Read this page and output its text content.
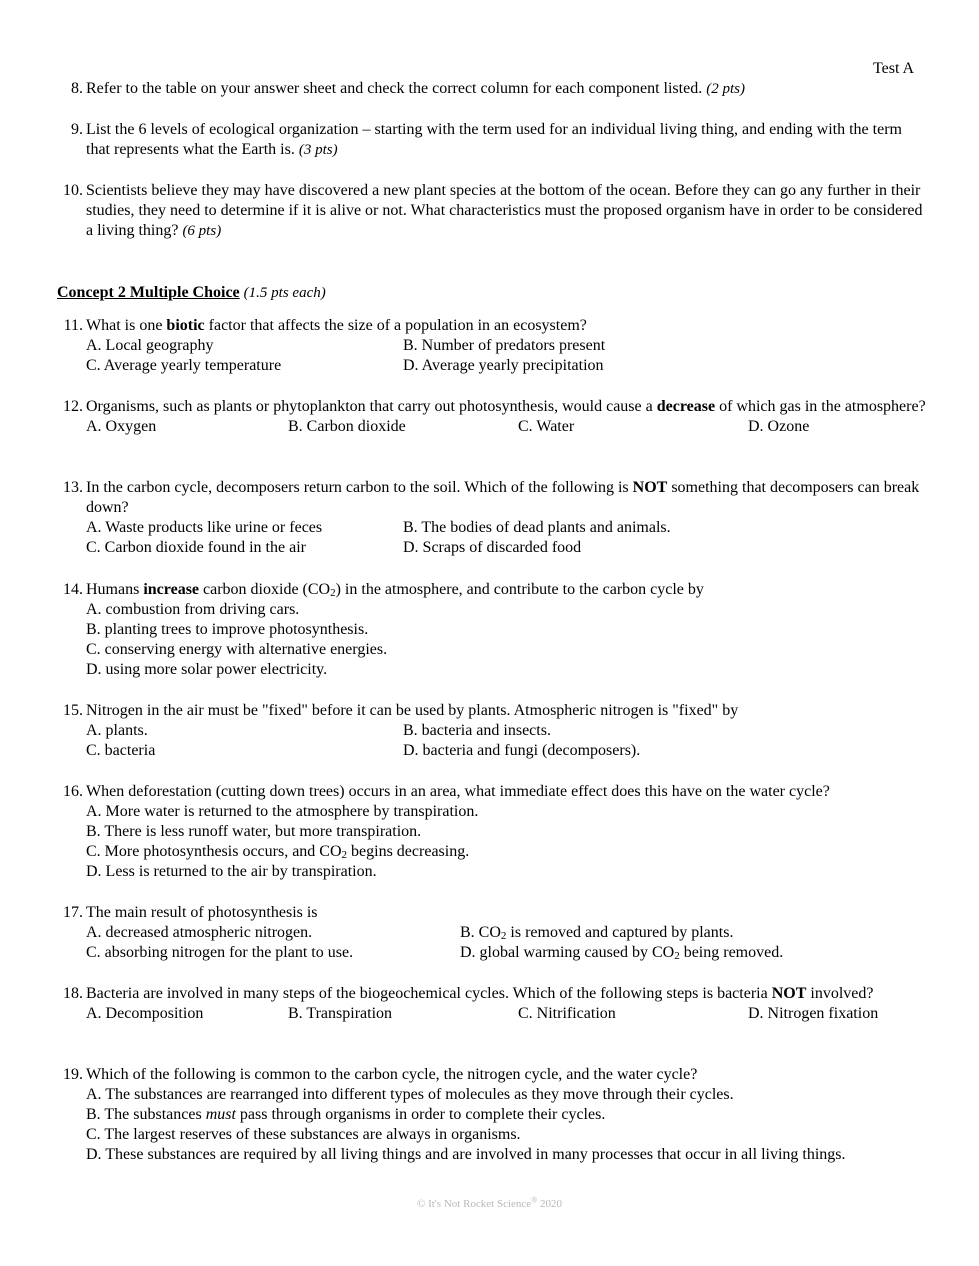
Test A
8. Refer to the table on your answer sheet and check the correct column for each component listed. (2 pts)
9. List the 6 levels of ecological organization – starting with the term used for an individual living thing, and ending with the term that represents what the Earth is. (3 pts)
10. Scientists believe they may have discovered a new plant species at the bottom of the ocean. Before they can go any further in their studies, they need to determine if it is alive or not. What characteristics must the proposed organism have in order to be considered a living thing? (6 pts)
Concept 2 Multiple Choice (1.5 pts each)
11. What is one biotic factor that affects the size of a population in an ecosystem?
A. Local geography	B. Number of predators present
C. Average yearly temperature	D. Average yearly precipitation
12. Organisms, such as plants or phytoplankton that carry out photosynthesis, would cause a decrease of which gas in the atmosphere?
A. Oxygen	B. Carbon dioxide	C. Water	D. Ozone
13. In the carbon cycle, decomposers return carbon to the soil. Which of the following is NOT something that decomposers can break down?
A. Waste products like urine or feces	B. The bodies of dead plants and animals.
C. Carbon dioxide found in the air	D. Scraps of discarded food
14. Humans increase carbon dioxide $(CO_2)$ in the atmosphere, and contribute to the carbon cycle by
A. combustion from driving cars.
B. planting trees to improve photosynthesis.
C. conserving energy with alternative energies.
D. using more solar power electricity.
15. Nitrogen in the air must be "fixed" before it can be used by plants. Atmospheric nitrogen is "fixed" by
A. plants.	B. bacteria and insects.
C. bacteria	D. bacteria and fungi (decomposers).
16. When deforestation (cutting down trees) occurs in an area, what immediate effect does this have on the water cycle?
A. More water is returned to the atmosphere by transpiration.
B. There is less runoff water, but more transpiration.
C. More photosynthesis occurs, and $CO_2$ begins decreasing.
D. Less is returned to the air by transpiration.
17. The main result of photosynthesis is
A. decreased atmospheric nitrogen.	B. $CO_2$ is removed and captured by plants.
C. absorbing nitrogen for the plant to use.	D. global warming caused by $CO_2$ being removed.
18. Bacteria are involved in many steps of the biogeochemical cycles. Which of the following steps is bacteria NOT involved?
A. Decomposition	B. Transpiration	C. Nitrification	D. Nitrogen fixation
19. Which of the following is common to the carbon cycle, the nitrogen cycle, and the water cycle?
A. The substances are rearranged into different types of molecules as they move through their cycles.
B. The substances must pass through organisms in order to complete their cycles.
C. The largest reserves of these substances are always in organisms.
D. These substances are required by all living things and are involved in many processes that occur in all living things.
© It's Not Rocket Science® 2020
